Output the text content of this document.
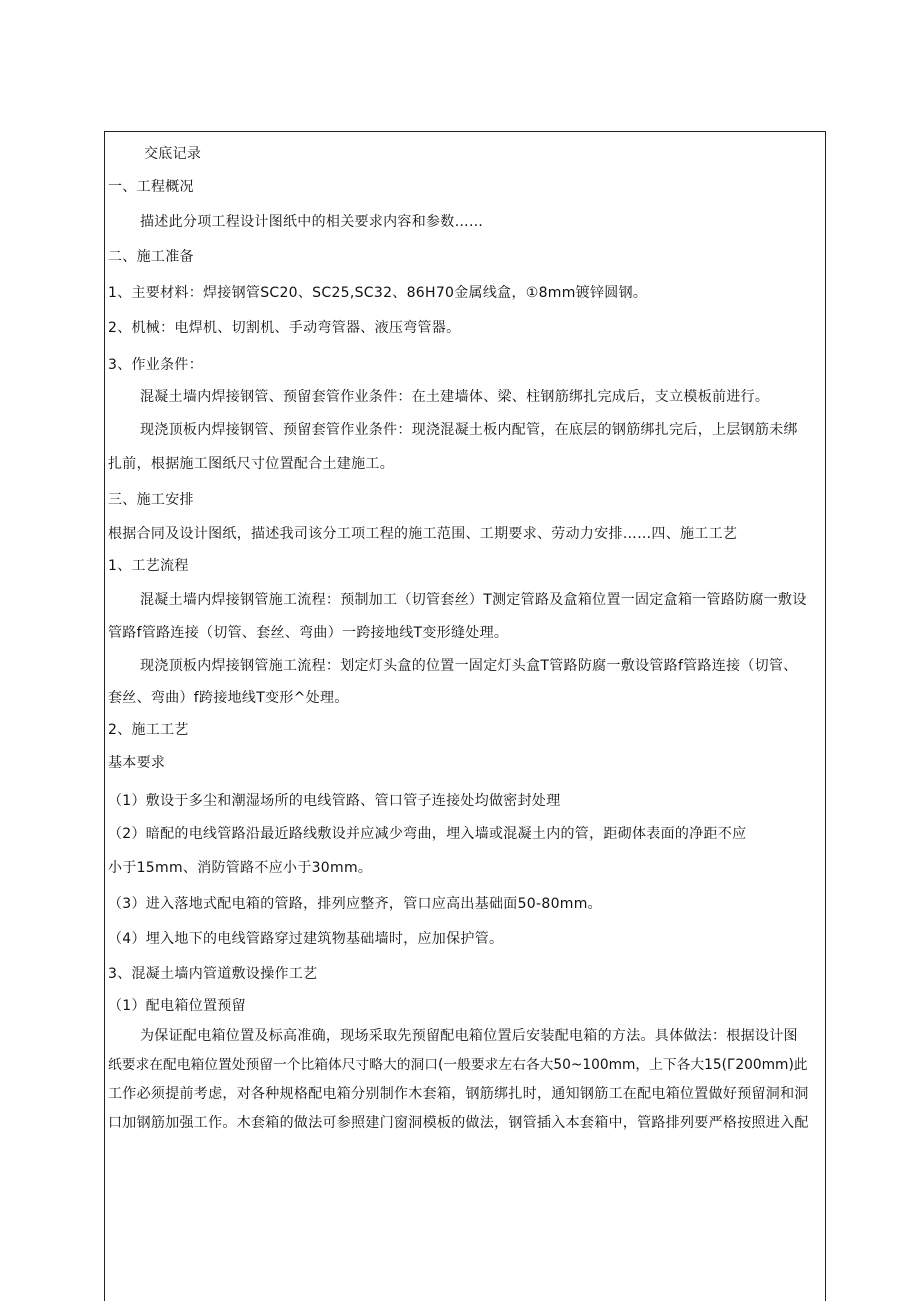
交底记录
一、工程概况
描述此分项工程设计图纸中的相关要求内容和参数……
二、施工准备
1、主要材料：焊接钢管SC20、SC25,SC32、86H70金属线盒，①8mm镀锌圆钢。
2、机械：电焊机、切割机、手动弯管器、液压弯管器。
3、作业条件：
混凝土墙内焊接钢管、预留套管作业条件：在土建墙体、梁、柱钢筋绑扎完成后，支立模板前进行。
现浇顶板内焊接钢管、预留套管作业条件：现浇混凝土板内配管，在底层的钢筋绑扎完后，上层钢筋未绑
扎前，根据施工图纸尺寸位置配合土建施工。
三、施工安排
根据合同及设计图纸，描述我司该分工项工程的施工范围、工期要求、劳动力安排……四、施工工艺
1、工艺流程
混凝土墙内焊接钢管施工流程：预制加工（切管套丝）T测定管路及盒箱位置一固定盒箱一管路防腐一敷设
管路f管路连接（切管、套丝、弯曲）一跨接地线T变形缝处理。
现浇顶板内焊接钢管施工流程：划定灯头盒的位置一固定灯头盒T管路防腐一敷设管路f管路连接（切管、
套丝、弯曲）f跨接地线T变形^处理。
2、施工工艺
基本要求
（1）敷设于多尘和潮湿场所的电线管路、管口管子连接处均做密封处理
（2）暗配的电线管路沿最近路线敷设并应减少弯曲，埋入墙或混凝土内的管，距砌体表面的净距不应
小于15mm、消防管路不应小于30mm。
（3）进入落地式配电箱的管路，排列应整齐，管口应高出基础面50-80mm。
（4）埋入地下的电线管路穿过建筑物基础墙时，应加保护管。
3、混凝土墙内管道敷设操作工艺
（1）配电箱位置预留
为保证配电箱位置及标高准确，现场采取先预留配电箱位置后安装配电箱的方法。具体做法：根据设计图
纸要求在配电箱位置处预留一个比箱体尺寸略大的洞口(一般要求左右各大50~100mm，上下各大15(Г200mm)此
工作必须提前考虑，对各种规格配电箱分别制作木套箱，钢筋绑扎时，通知钢筋工在配电箱位置做好预留洞和洞
口加钢筋加强工作。木套箱的做法可参照建门窗洞模板的做法，钢管插入本套箱中，管路排列要严格按照进入配
